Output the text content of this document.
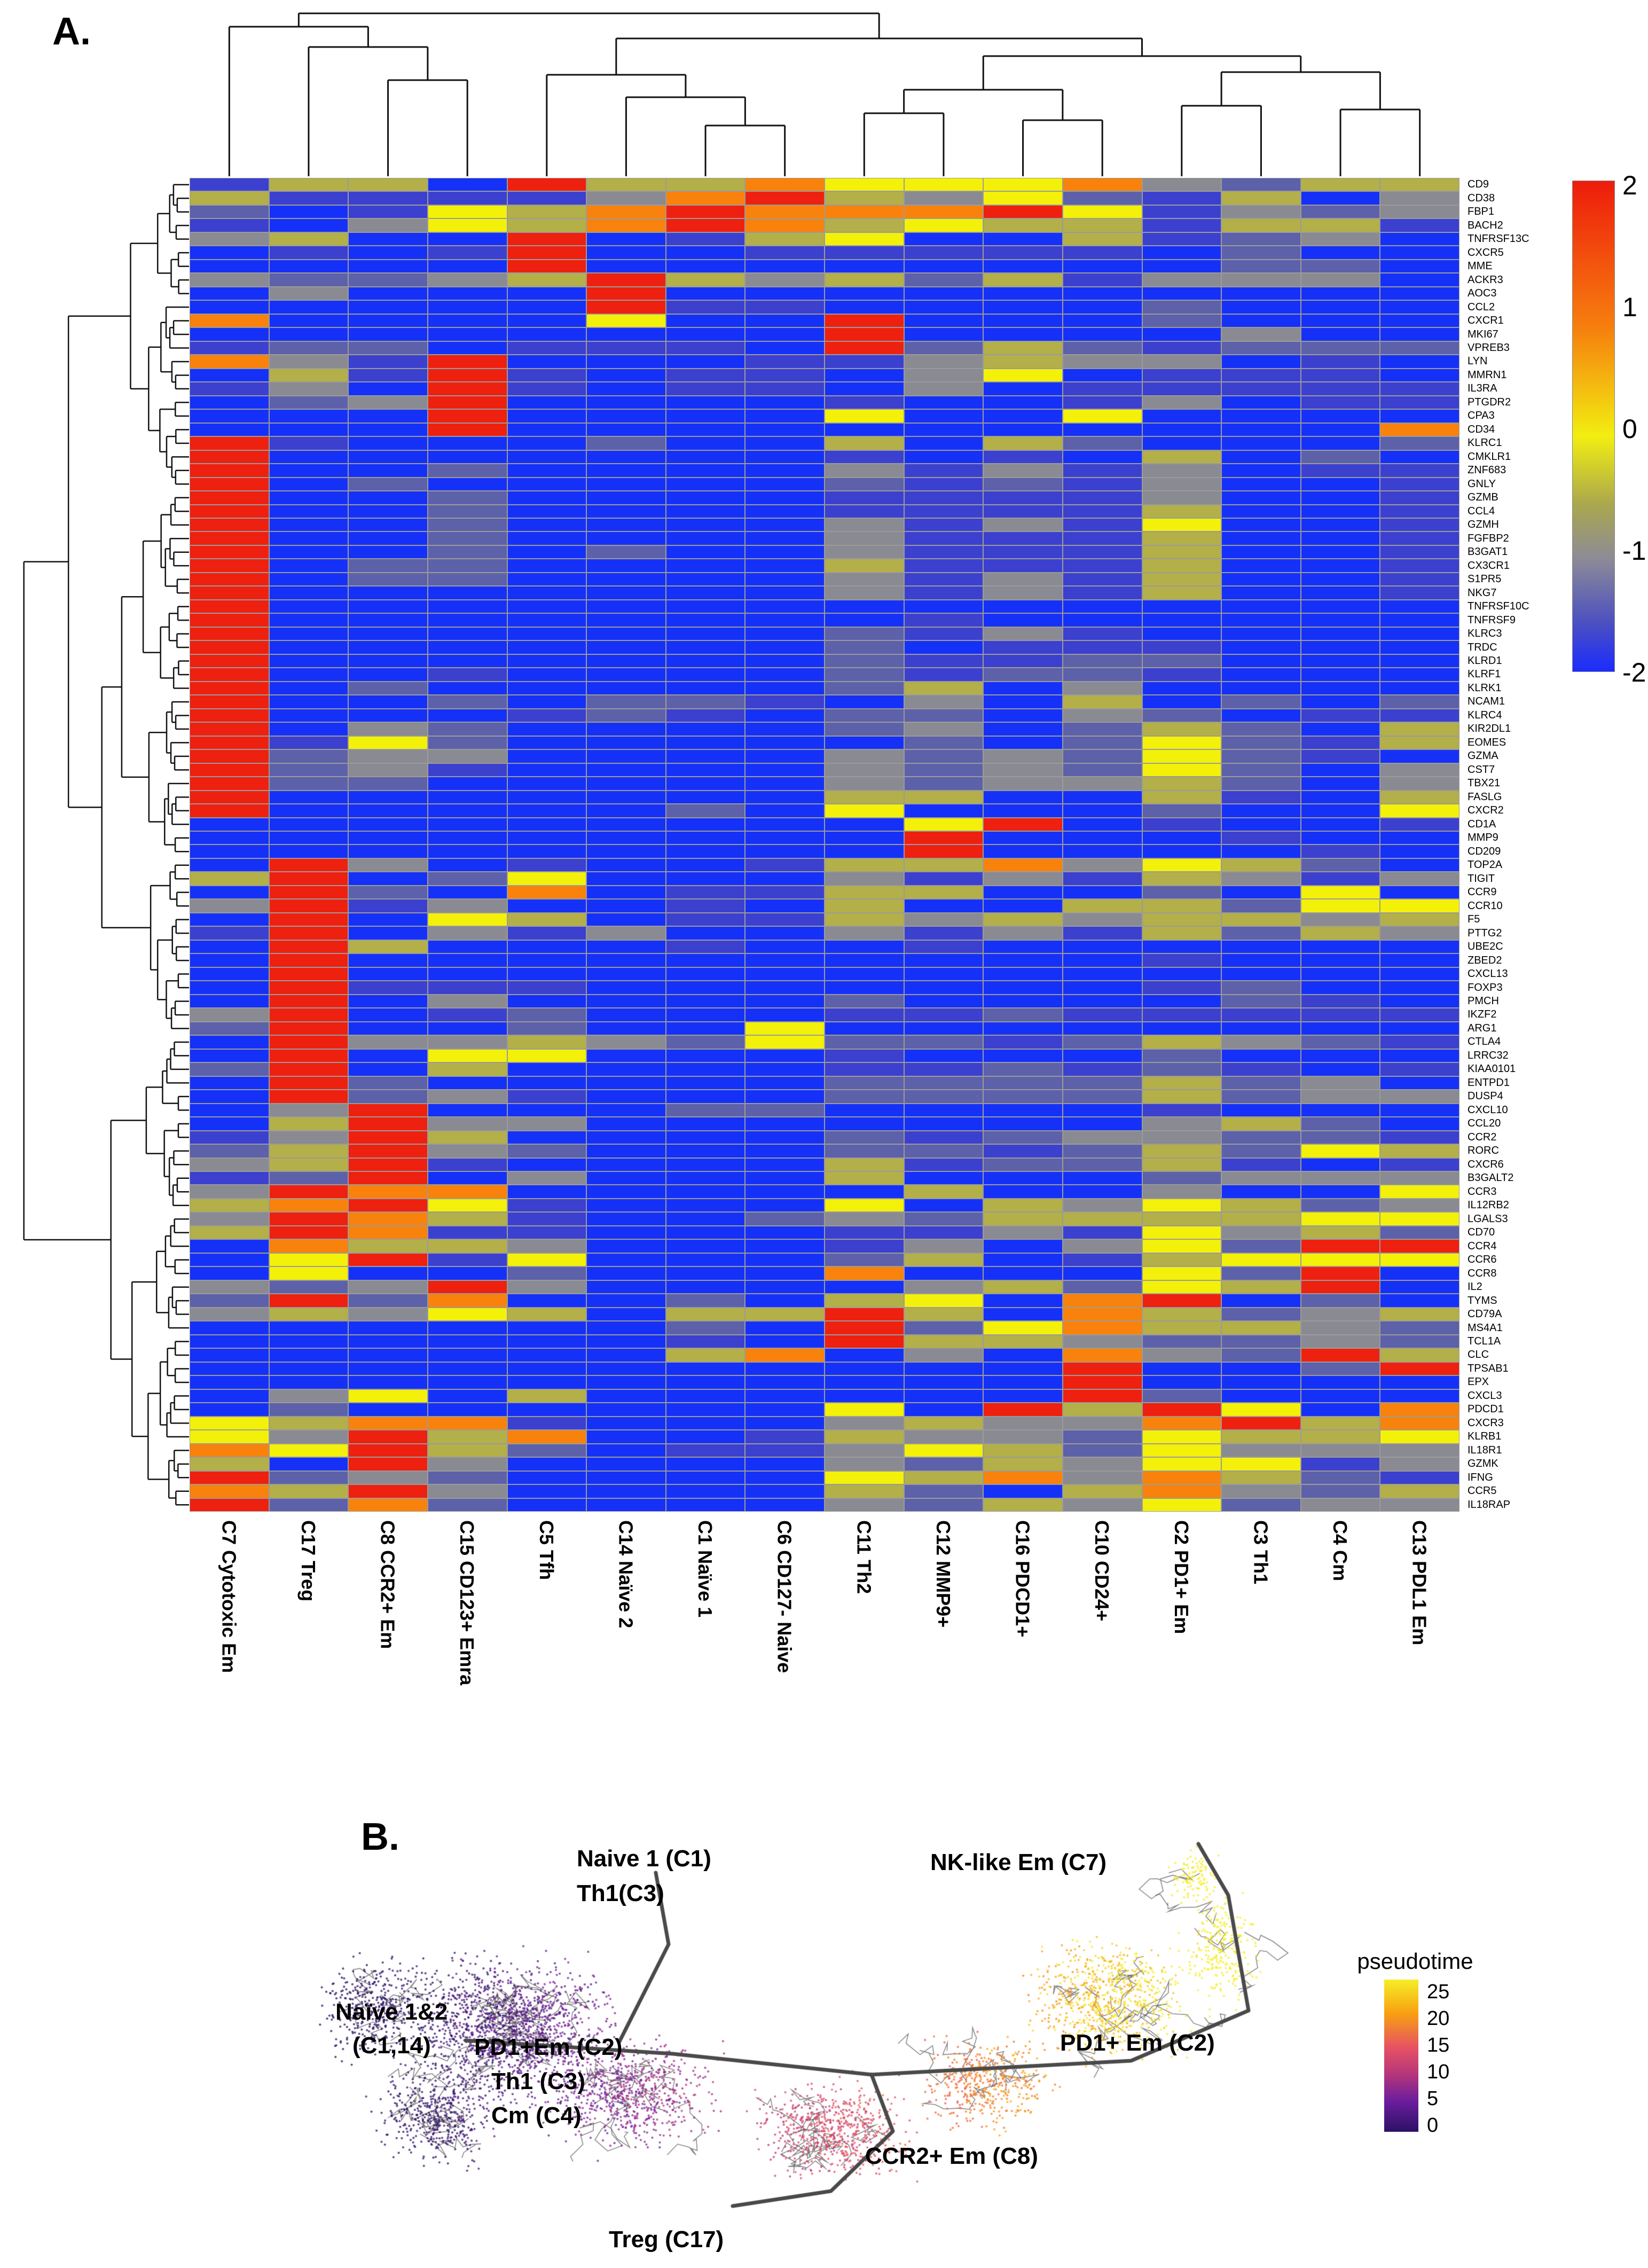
A.
CD9
CD38
FBP1
BACH2
TNFRSF13C
CXCR5
MME
ACKR3
AOC3
CCL2
CXCR1
MKI67
VPREB3
LYN
MMRN1
IL3RA
PTGDR2
CPA3
CD34
KLRC1
CMKLR1
ZNF683
GNLY
GZMB
CCL4
GZMH
FGFBP2
B3GAT1
CX3CR1
S1PR5
NKG7
TNFRSF10C
TNFRSF9
KLRC3
TRDC
KLRD1
KLRF1
KLRK1
NCAM1
KLRC4
KIR2DL1
EOMES
GZMA
CST7
TBX21
FASLG
CXCR2
CD1A
MMP9
CD209
TOP2A
TIGIT
CCR9
CCR10
F5
PTTG2
UBE2C
ZBED2
CXCL13
FOXP3
PMCH
IKZF2
ARG1
CTLA4
LRRC32
KIAA0101
ENTPD1
DUSP4
CXCL10
CCL20
CCR2
RORC
CXCR6
B3GALT2
CCR3
IL12RB2
LGALS3
CD70
CCR4
CCR6
CCR8
IL2
TYMS
CD79A
MS4A1
TCL1A
CLC
TPSAB1
EPX
CXCL3
PDCD1
CXCR3
KLRB1
IL18R1
GZMK
IFNG
CCR5
IL18RAP
C7 Cytotoxic Em	C17 Treg	C8 CCR2+ Em	C15 CD123+ Emra	C5 Tfh	C14 Naïve 2	C1 Naïve 1	C6 CD127- Naive	C11 Th2	C12 MMP9+	C16 PDCD1+	C10 CD24+	C2 PD1+ Em	C3 Th1	C4 Cm	C13 PDL1 Em
2
1
0
-1
-2
Naive 1 (C1)
Th1(C3)
NK-like Em (C7)
Naïve 1&2
(C1,14) PD1+Em (C2)
Th1 (C3)
Cm (C4)
CCR2+ Em (C8)
PD1+ Em (C2)
Treg (C17)
pseudotime
25
20
15
10
5
0
